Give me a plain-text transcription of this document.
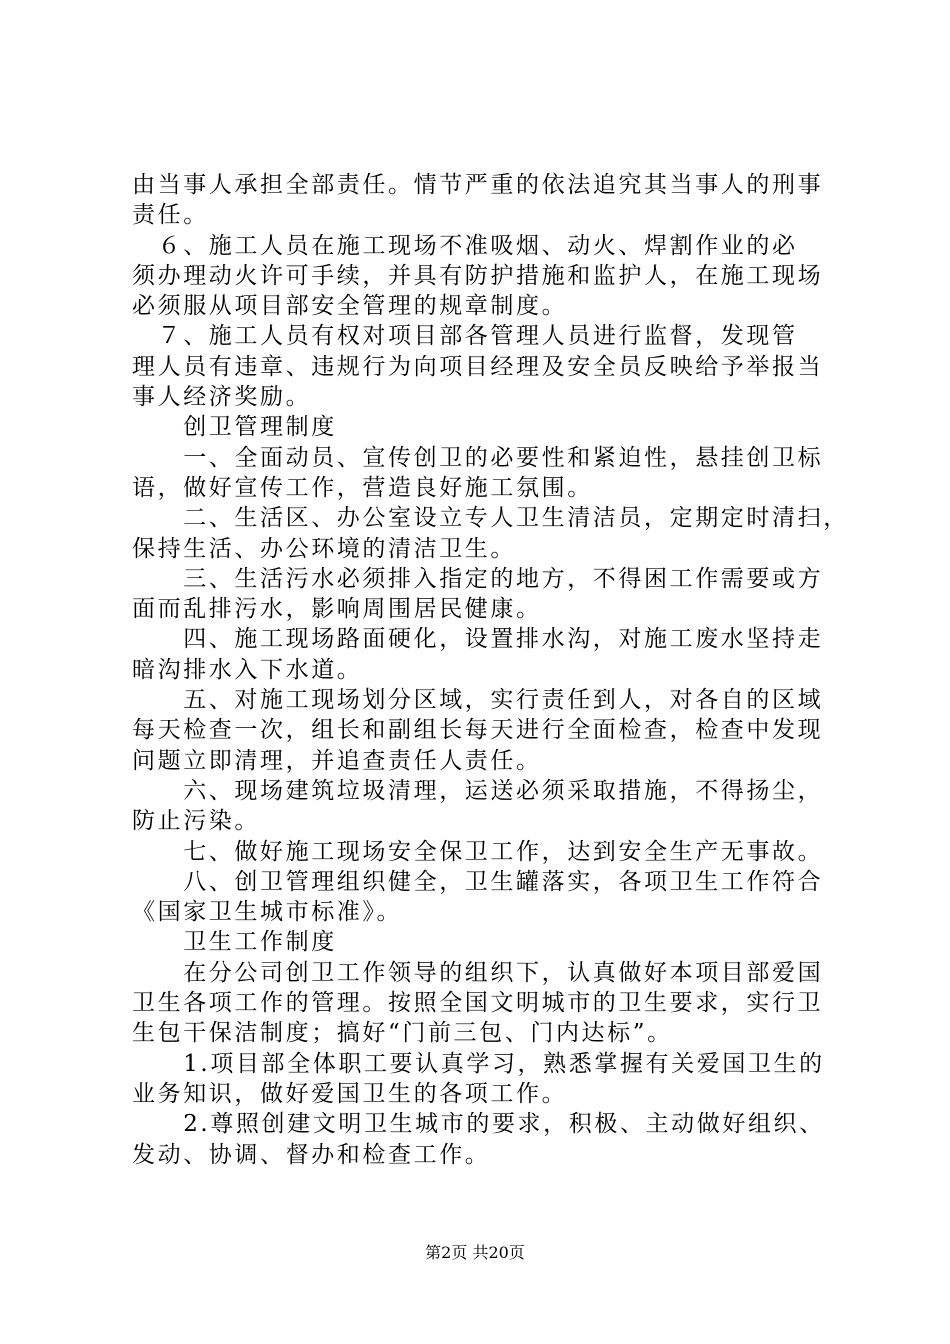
由当事人承担全部责任。情节严重的依法追究其当事人的刑事
责任。
　６、施工人员在施工现场不准吸烟、动火、焊割作业的必
须办理动火许可手续，并具有防护措施和监护人，在施工现场
必须服从项目部安全管理的规章制度。
　７、施工人员有权对项目部各管理人员进行监督，发现管
理人员有违章、违规行为向项目经理及安全员反映给予举报当
事人经济奖励。
　　创卫管理制度
　　一、全面动员、宣传创卫的必要性和紧迫性，悬挂创卫标
语，做好宣传工作，营造良好施工氛围。
　　二、生活区、办公室设立专人卫生清洁员，定期定时清扫，
保持生活、办公环境的清洁卫生。
　　三、生活污水必须排入指定的地方，不得困工作需要或方
面而乱排污水，影响周围居民健康。
　　四、施工现场路面硬化，设置排水沟，对施工废水坚持走
暗沟排水入下水道。
　　五、对施工现场划分区域，实行责任到人，对各自的区域
每天检查一次，组长和副组长每天进行全面检查，检查中发现
问题立即清理，并追查责任人责任。
　　六、现场建筑垃圾清理，运送必须采取措施，不得扬尘，
防止污染。
　　七、做好施工现场安全保卫工作，达到安全生产无事故。
　　八、创卫管理组织健全，卫生罐落实，各项卫生工作符合
《国家卫生城市标准》。
　　卫生工作制度
　　在分公司创卫工作领导的组织下，认真做好本项目部爱国
卫生各项工作的管理。按照全国文明城市的卫生要求，实行卫
生包干保洁制度；搞好“门前三包、门内达标”。
　　1.项目部全体职工要认真学习，熟悉掌握有关爱国卫生的
业务知识，做好爱国卫生的各项工作。
　　2.尊照创建文明卫生城市的要求，积极、主动做好组织、
发动、协调、督办和检查工作。
第2页 共20页
